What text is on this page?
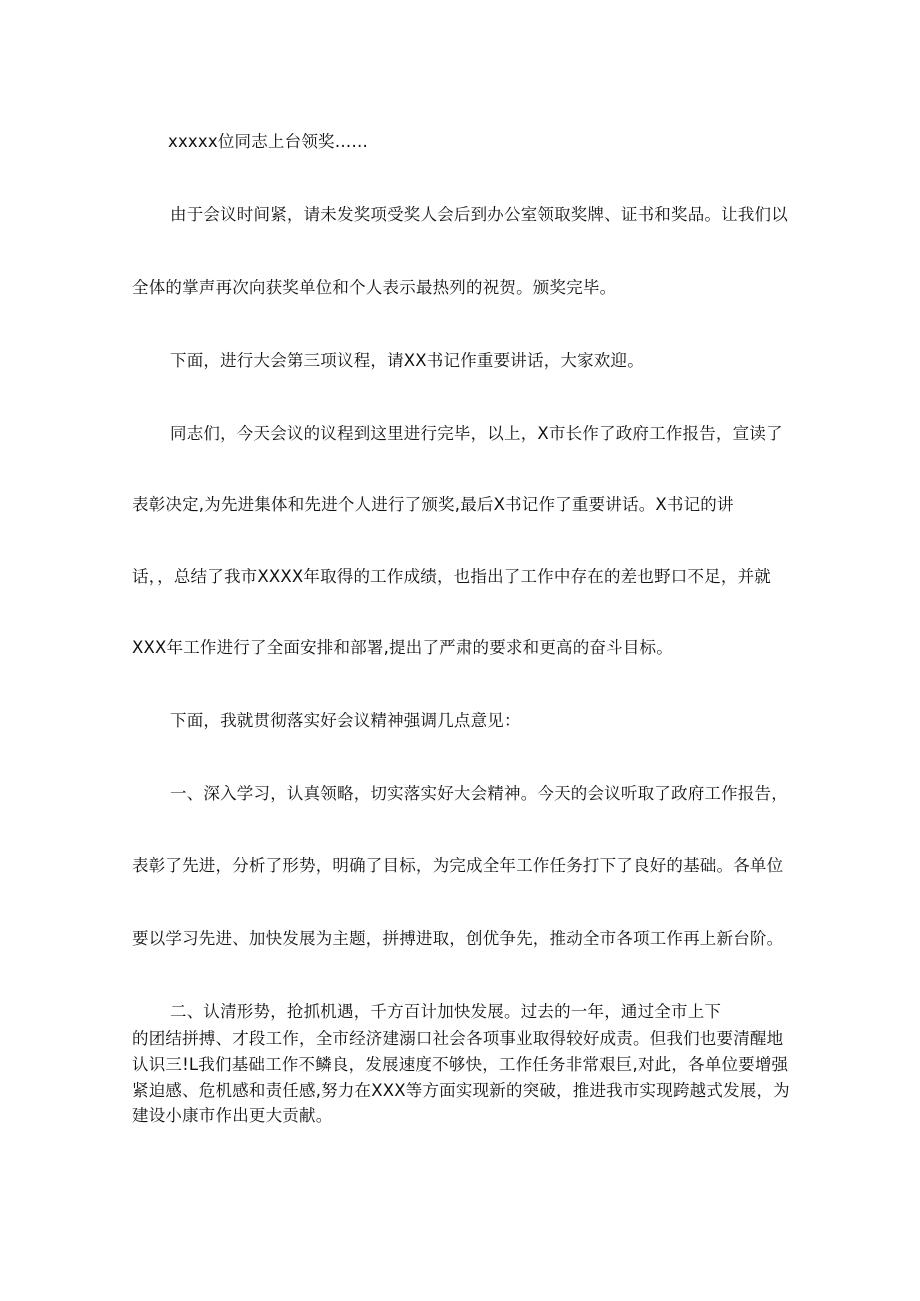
xxxxx位同志上台领奖……

由于会议时间紧，请未发奖项受奖人会后到办公室领取奖牌、证书和奖品。让我们以

全体的掌声再次向获奖单位和个人表示最热列的祝贺。颁奖完毕。

下面，进行大会第三项议程，请XX书记作重要讲话，大家欢迎。

同志们，今天会议的议程到这里进行完毕，以上，X市长作了政府工作报告，宣读了

表彰决定,为先进集体和先进个人进行了颁奖,最后X书记作了重要讲话。X书记的讲

话，，总结了我市XXXX年取得的工作成绩，也指出了工作中存在的差也野口不足，并就

XXX年工作进行了全面安排和部署,提出了严肃的要求和更高的奋斗目标。

下面，我就贯彻落实好会议精神强调几点意见：

一、深入学习，认真领略，切实落实好大会精神。今天的会议听取了政府工作报告，

表彰了先进，分析了形势，明确了目标，为完成全年工作任务打下了良好的基础。各单位

要以学习先进、加快发展为主题，拼搏进取，创优争先，推动全市各项工作再上新台阶。

二、认清形势，抢抓机遇，千方百计加快发展。过去的一年，通过全市上下

的团结拼搏、才段工作，全市经济建溺口社会各项事业取得较好成责。但我们也要清醒地

认识三!L我们基础工作不鳞良，发展速度不够快，工作任务非常艰巨,对此，各单位要增强

紧迫感、危机感和责任感,努力在XXX等方面实现新的突破，推进我市实现跨越式发展，为

建设小康市作出更大贡献。
